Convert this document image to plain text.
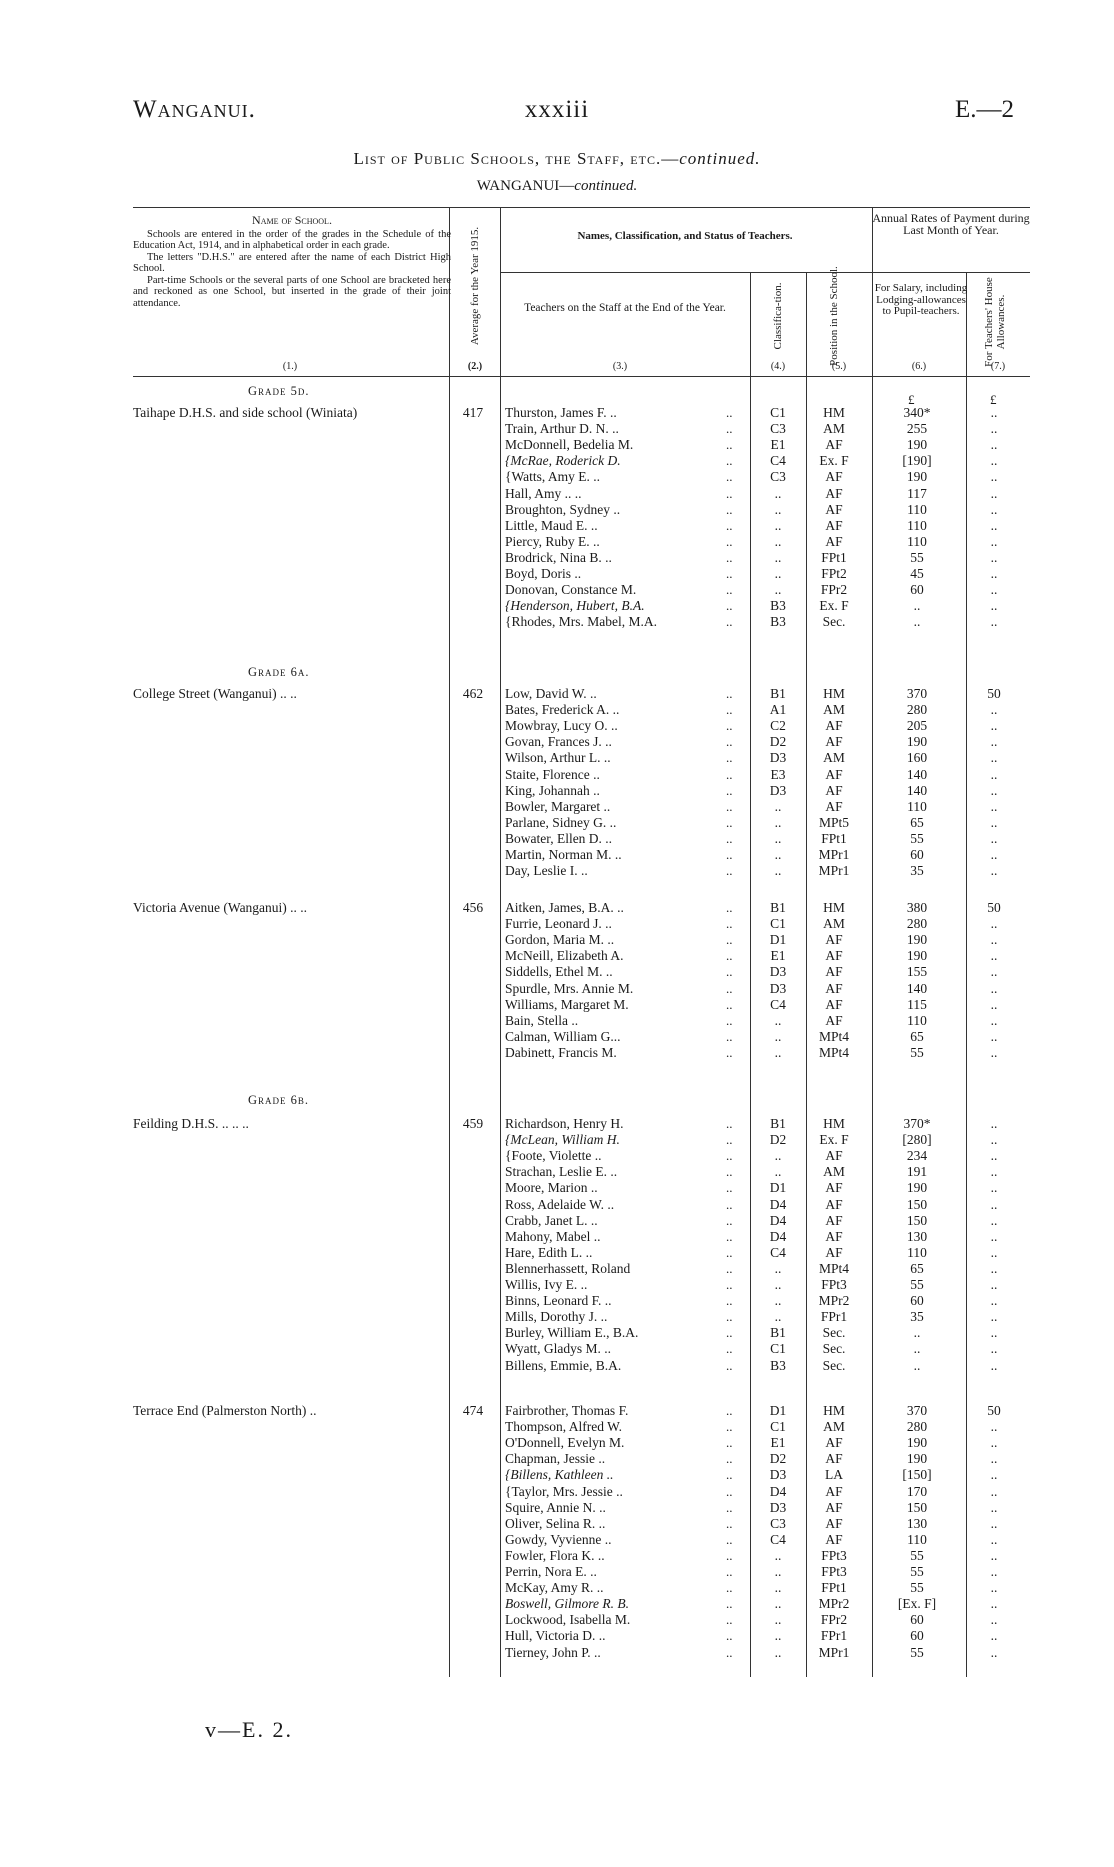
Wanganui.	xxxiii	E.—2
List of Public Schools, the Staff, etc.—continued.
WANGANUI—continued.
Name of School.

Schools are entered in the order of the grades in the Schedule of the Education Act, 1914, and in alphabetical order in each grade.

The letters "D.H.S." are entered after the name of each District High School.

Part-time Schools or the several parts of one School are bracketed here and reckoned as one School, but inserted in the grade of their joint attendance.	Average for the Year 1915.	Names, Classification, and Status of Teachers.
Annual Rates of Payment during Last Month of Year.
Teachers on the Staff at the End of the Year.	Classifica-tion.	Position in the School.	For Salary, including Lodging-allowances to Pupil-teachers.	For Teachers' House Allowances.
(1.)	(2.)	(3.)	(4.)	(5.)	(6.)	(7.)
£	£
Grade 5d.
Taihape D.H.S. and side school (Winiata)	417	Thurston, James F. ..	..	C1	HM	340*	..
Train, Arthur D. N. ..	..	C3	AM	255	..
McDonnell, Bedelia M.	..	E1	AF	190	..
{McRae, Roderick D.	..	C4	Ex. F	[190]	..
{Watts, Amy E. ..	..	C3	AF	190	..
Hall, Amy .. ..	..	..	AF	117	..
Broughton, Sydney ..	..	..	AF	110	..
Little, Maud E. ..	..	..	AF	110	..
Piercy, Ruby E. ..	..	..	AF	110	..
Brodrick, Nina B. ..	..	..	FPt1	55	..
Boyd, Doris ..	..	..	FPt2	45	..
Donovan, Constance M.	..	..	FPr2	60	..
{Henderson, Hubert, B.A.	..	B3	Ex. F	..	..
{Rhodes, Mrs. Mabel, M.A.	..	B3	Sec.	..	..
Grade 6a.
College Street (Wanganui) .. ..	462	Low, David W. ..	..	B1	HM	370	50
Bates, Frederick A. ..	..	A1	AM	280	..
Mowbray, Lucy O. ..	..	C2	AF	205	..
Govan, Frances J. ..	..	D2	AF	190	..
Wilson, Arthur L. ..	..	D3	AM	160	..
Staite, Florence ..	..	E3	AF	140	..
King, Johannah ..	..	D3	AF	140	..
Bowler, Margaret ..	..	..	AF	110	..
Parlane, Sidney G. ..	..	..	MPt5	65	..
Bowater, Ellen D. ..	..	..	FPt1	55	..
Martin, Norman M. ..	..	..	MPr1	60	..
Day, Leslie I. ..	..	..	MPr1	35	..
Victoria Avenue (Wanganui) .. ..	456	Aitken, James, B.A. ..	..	B1	HM	380	50
Furrie, Leonard J. ..	..	C1	AM	280	..
Gordon, Maria M. ..	..	D1	AF	190	..
McNeill, Elizabeth A.	..	E1	AF	190	..
Siddells, Ethel M. ..	..	D3	AF	155	..
Spurdle, Mrs. Annie M.	..	D3	AF	140	..
Williams, Margaret M.	..	C4	AF	115	..
Bain, Stella ..	..	..	AF	110	..
Calman, William G...	..	..	MPt4	65	..
Dabinett, Francis M.	..	..	MPt4	55	..
Grade 6b.
Feilding D.H.S. .. .. ..	459	Richardson, Henry H.	..	B1	HM	370*	..
{McLean, William H.	..	D2	Ex. F	[280]	..
{Foote, Violette ..	..	..	AF	234	..
Strachan, Leslie E. ..	..	..	AM	191	..
Moore, Marion ..	..	D1	AF	190	..
Ross, Adelaide W. ..	..	D4	AF	150	..
Crabb, Janet L. ..	..	D4	AF	150	..
Mahony, Mabel ..	..	D4	AF	130	..
Hare, Edith L. ..	..	C4	AF	110	..
Blennerhassett, Roland	..	..	MPt4	65	..
Willis, Ivy E. ..	..	..	FPt3	55	..
Binns, Leonard F. ..	..	..	MPr2	60	..
Mills, Dorothy J. ..	..	..	FPr1	35	..
Burley, William E., B.A.	..	B1	Sec.	..	..
Wyatt, Gladys M. ..	..	C1	Sec.	..	..
Billens, Emmie, B.A.	..	B3	Sec.	..	..
Terrace End (Palmerston North) ..	474	Fairbrother, Thomas F.	..	D1	HM	370	50
Thompson, Alfred W.	..	C1	AM	280	..
O'Donnell, Evelyn M.	..	E1	AF	190	..
Chapman, Jessie ..	..	D2	AF	190	..
{Billens, Kathleen ..	..	D3	LA	[150]	..
{Taylor, Mrs. Jessie ..	..	D4	AF	170	..
Squire, Annie N. ..	..	D3	AF	150	..
Oliver, Selina R. ..	..	C3	AF	130	..
Gowdy, Vyvienne ..	..	C4	AF	110	..
Fowler, Flora K. ..	..	..	FPt3	55	..
Perrin, Nora E. ..	..	..	FPt3	55	..
McKay, Amy R. ..	..	..	FPt1	55	..
Boswell, Gilmore R. B.	..	..	MPr2	[Ex. F]	..
Lockwood, Isabella M.	..	..	FPr2	60	..
Hull, Victoria D. ..	..	..	FPr1	60	..
Tierney, John P. ..	..	..	MPr1	55	..
v—E. 2.
